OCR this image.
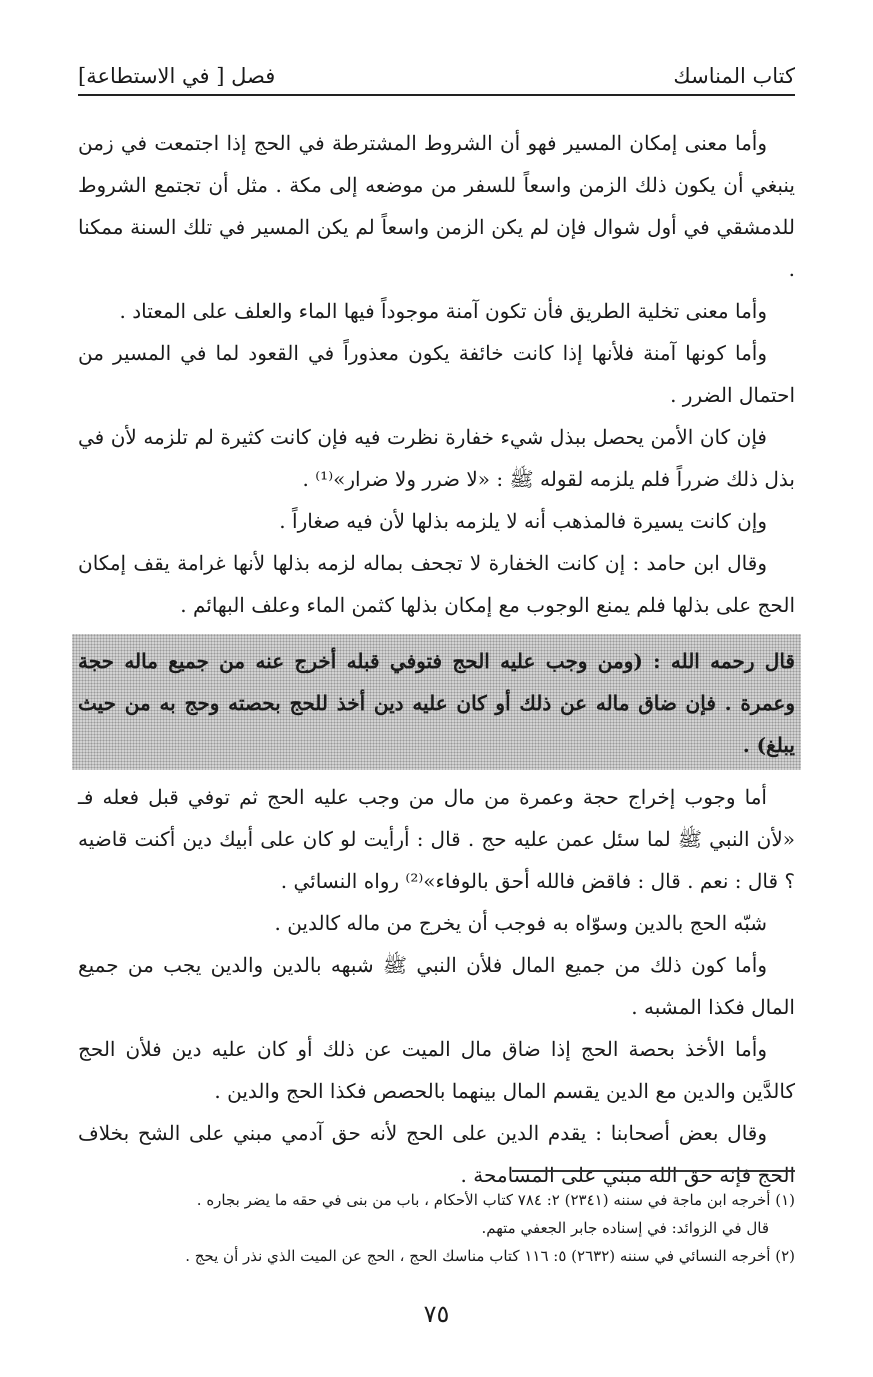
كتاب المناسك
فصل [ في الاستطاعة]

وأما معنى إمكان المسير فهو أن الشروط المشترطة في الحج إذا اجتمعت في زمن ينبغي أن يكون ذلك الزمن واسعاً للسفر من موضعه إلى مكة . مثل أن تجتمع الشروط للدمشقي في أول شوال فإن لم يكن الزمن واسعاً لم يكن المسير في تلك السنة ممكنا .

وأما معنى تخلية الطريق فأن تكون آمنة موجوداً فيها الماء والعلف على المعتاد .

وأما كونها آمنة فلأنها إذا كانت خائفة يكون معذوراً في القعود لما في المسير من احتمال الضرر .

فإن كان الأمن يحصل ببذل شيء خفارة نظرت فيه فإن كانت كثيرة لم تلزمه لأن في بذل ذلك ضرراً فلم يلزمه لقوله ﷺ : «لا ضرر ولا ضرار»⁽¹⁾ .

وإن كانت يسيرة فالمذهب أنه لا يلزمه بذلها لأن فيه صغاراً .

وقال ابن حامد : إن كانت الخفارة لا تجحف بماله لزمه بذلها لأنها غرامة يقف إمكان الحج على بذلها فلم يمنع الوجوب مع إمكان بذلها كثمن الماء وعلف البهائم .

قال رحمه الله : (ومن وجب عليه الحج فتوفي قبله أخرج عنه من جميع ماله حجة وعمرة . فإن ضاق ماله عن ذلك أو كان عليه دين أخذ للحج بحصته وحج به من حيث يبلغ) .

أما وجوب إخراج حجة وعمرة من مال من وجب عليه الحج ثم توفي قبل فعله فـ «لأن النبي ﷺ لما سئل عمن عليه حج . قال : أرأيت لو كان على أبيك دين أكنت قاضيه ؟ قال : نعم . قال : فاقض فالله أحق بالوفاء»⁽²⁾ رواه النسائي .

شبّه الحج بالدين وسوّاه به فوجب أن يخرج من ماله كالدين .

وأما كون ذلك من جميع المال فلأن النبي ﷺ شبهه بالدين والدين يجب من جميع المال فكذا المشبه .

وأما الأخذ بحصة الحج إذا ضاق مال الميت عن ذلك أو كان عليه دين فلأن الحج كالدَّين والدين مع الدين يقسم المال بينهما بالحصص فكذا الحج والدين .

وقال بعض أصحابنا : يقدم الدين على الحج لأنه حق آدمي مبني على الشح بخلاف الحج فإنه حق الله مبني على المسامحة .

(١) أخرجه ابن ماجة في سننه (٢٣٤١) ٢: ٧٨٤ كتاب الأحكام ، باب من بنى في حقه ما يضر بجاره .

قال في الزوائد: في إسناده جابر الجعفي متهم.

(٢) أخرجه النسائي في سننه (٢٦٣٢) ٥: ١١٦ كتاب مناسك الحج ، الحج عن الميت الذي نذر أن يحج .

٧٥
